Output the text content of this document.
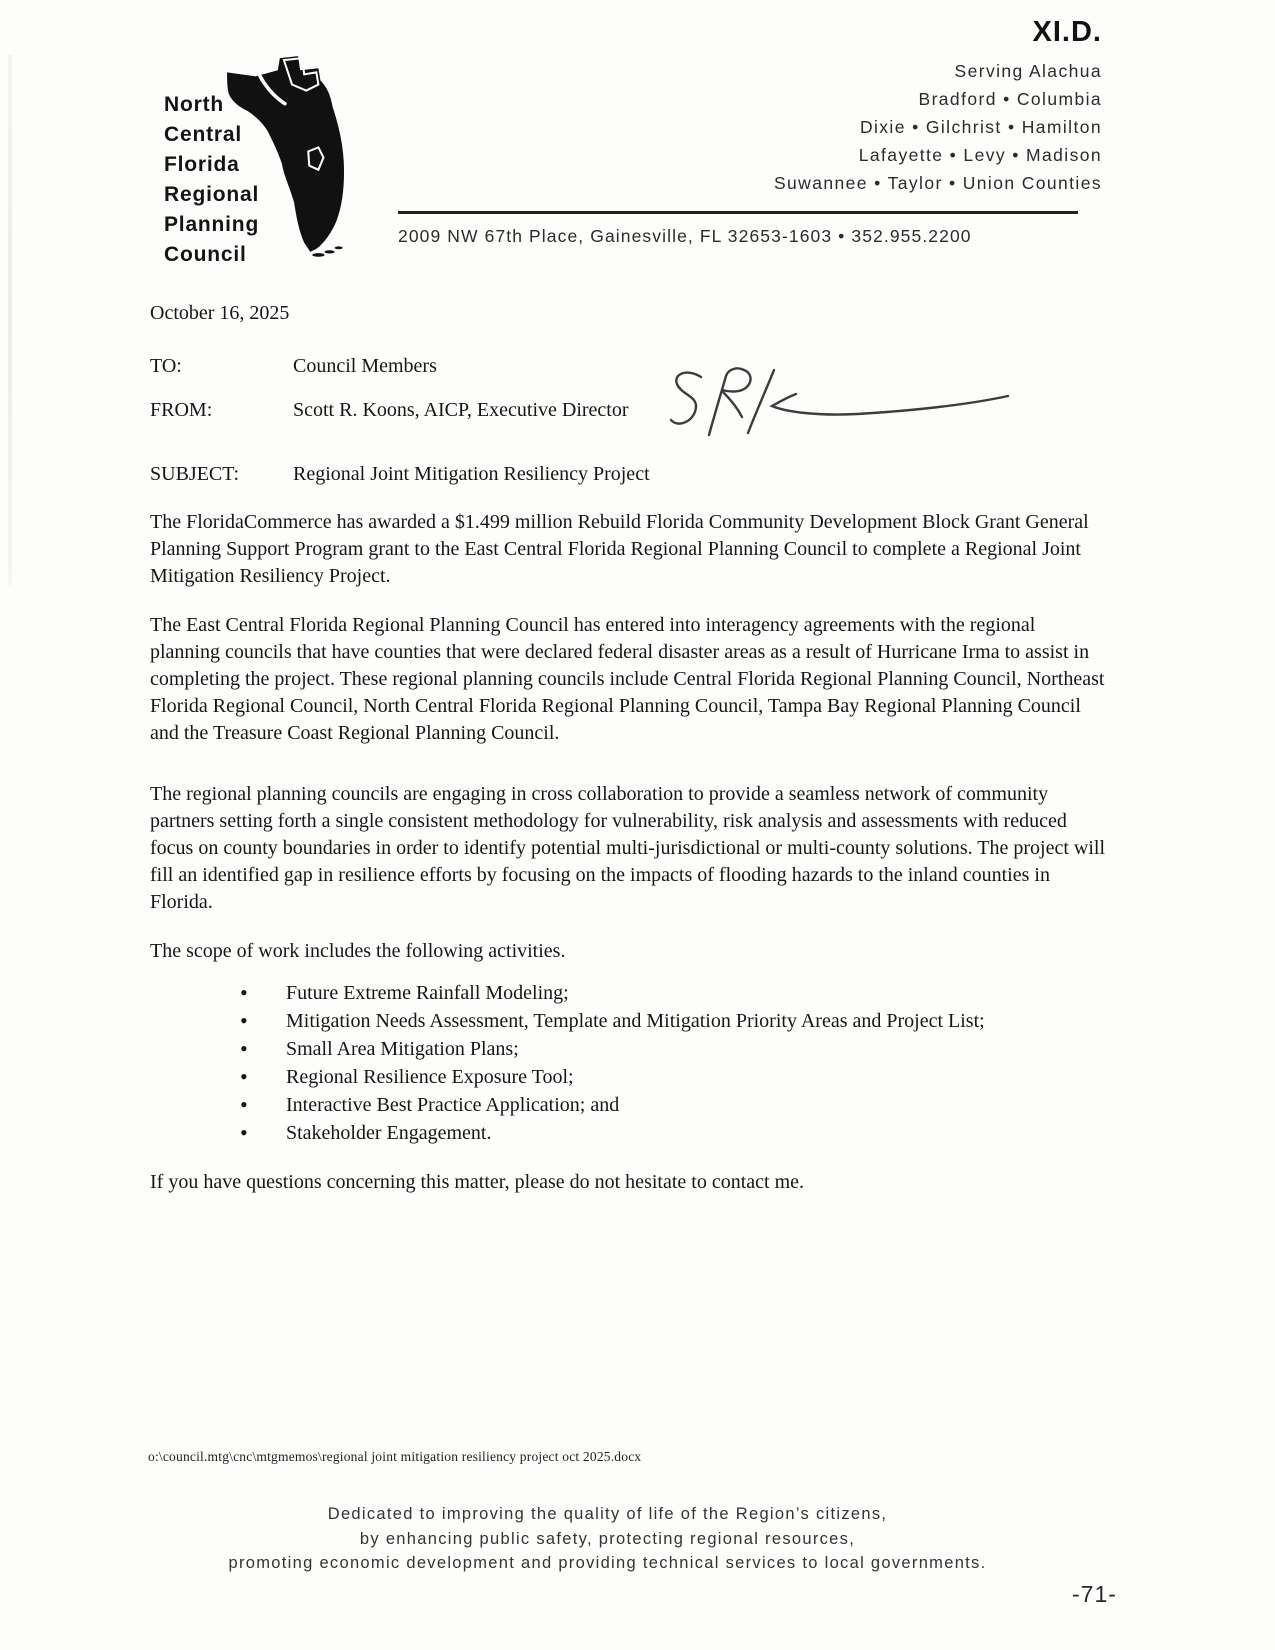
North
Central
Florida
Regional
Planning
Council
XI.D.
Serving Alachua
Bradford • Columbia
Dixie • Gilchrist • Hamilton
Lafayette • Levy • Madison
Suwannee • Taylor • Union Counties
2009 NW 67th Place, Gainesville, FL 32653-1603 • 352.955.2200
October 16, 2025
TO:	Council Members
FROM:	Scott R. Koons, AICP, Executive Director
SUBJECT:	Regional Joint Mitigation Resiliency Project

The FloridaCommerce has awarded a $1.499 million Rebuild Florida Community Development Block Grant General Planning Support Program grant to the East Central Florida Regional Planning Council to complete a Regional Joint Mitigation Resiliency Project.

The East Central Florida Regional Planning Council has entered into interagency agreements with the regional planning councils that have counties that were declared federal disaster areas as a result of Hurricane Irma to assist in completing the project. These regional planning councils include Central Florida Regional Planning Council, Northeast Florida Regional Council, North Central Florida Regional Planning Council, Tampa Bay Regional Planning Council and the Treasure Coast Regional Planning Council.

The regional planning councils are engaging in cross collaboration to provide a seamless network of community partners setting forth a single consistent methodology for vulnerability, risk analysis and assessments with reduced focus on county boundaries in order to identify potential multi-jurisdictional or multi-county solutions. The project will fill an identified gap in resilience efforts by focusing on the impacts of flooding hazards to the inland counties in Florida.

The scope of work includes the following activities.

• Future Extreme Rainfall Modeling;
• Mitigation Needs Assessment, Template and Mitigation Priority Areas and Project List;
• Small Area Mitigation Plans;
• Regional Resilience Exposure Tool;
• Interactive Best Practice Application; and
• Stakeholder Engagement.

If you have questions concerning this matter, please do not hesitate to contact me.

o:\council.mtg\cnc\mtgmemos\regional joint mitigation resiliency project oct 2025.docx
Dedicated to improving the quality of life of the Region’s citizens,
by enhancing public safety, protecting regional resources,
promoting economic development and providing technical services to local governments.
-71-
